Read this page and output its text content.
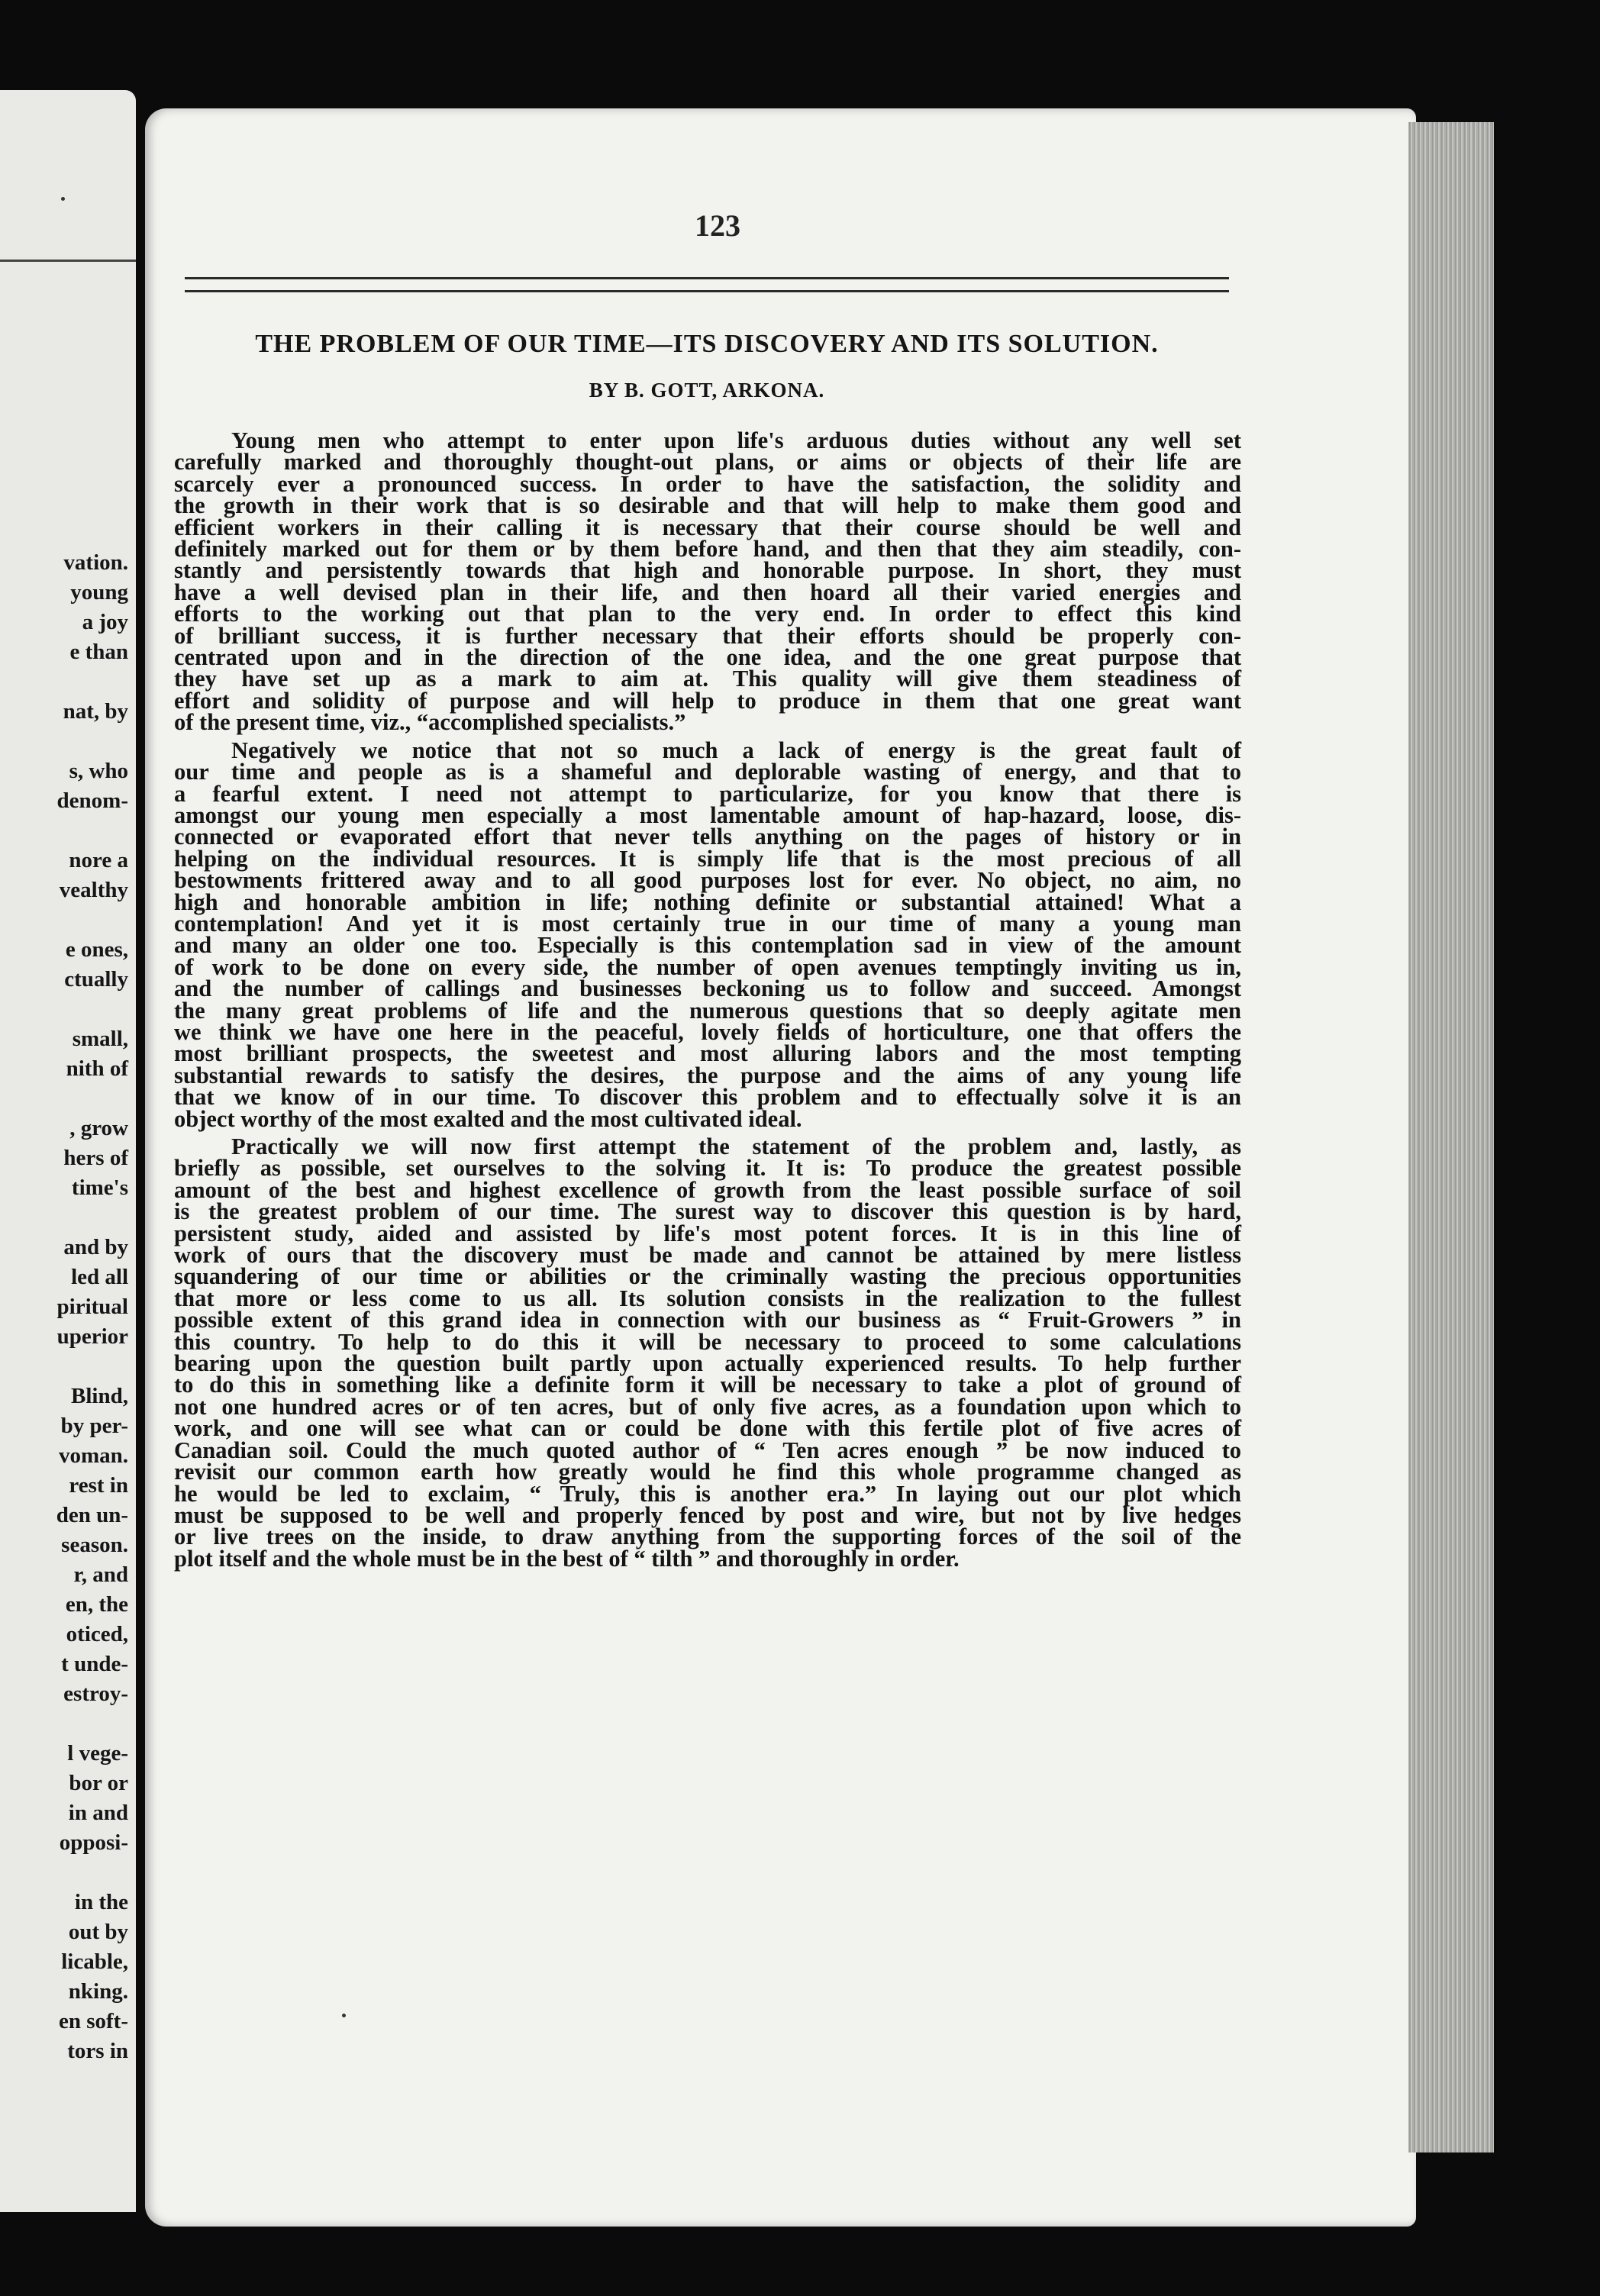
vation.
young
a joy
e than
nat, by
s, who
denom-
nore a
vealthy
e ones,
ctually
small,
nith of
, grow
hers of
time's
and by
led all
piritual
uperior
Blind,
by per-
voman.
rest in
den un-
season.
r, and
en, the
oticed,
t unde-
estroy-
l vege-
bor or
in and
opposi-
in the
out by
licable,
nking.
en soft-
tors in
123
THE PROBLEM OF OUR TIME—ITS DISCOVERY AND ITS SOLUTION.
BY B. GOTT, ARKONA.
Young men who attempt to enter upon life's arduous duties without any well set
carefully marked and thoroughly thought-out plans, or aims or objects of their life are
scarcely ever a pronounced success. In order to have the satisfaction, the solidity and
the growth in their work that is so desirable and that will help to make them good and
efficient workers in their calling it is necessary that their course should be well and
definitely marked out for them or by them before hand, and then that they aim steadily, con-
stantly and persistently towards that high and honorable purpose. In short, they must
have a well devised plan in their life, and then hoard all their varied energies and
efforts to the working out that plan to the very end. In order to effect this kind
of brilliant success, it is further necessary that their efforts should be properly con-
centrated upon and in the direction of the one idea, and the one great purpose that
they have set up as a mark to aim at. This quality will give them steadiness of
effort and solidity of purpose and will help to produce in them that one great want
of the present time, viz., “accomplished specialists.”
Negatively we notice that not so much a lack of energy is the great fault of
our time and people as is a shameful and deplorable wasting of energy, and that to
a fearful extent. I need not attempt to particularize, for you know that there is
amongst our young men especially a most lamentable amount of hap-hazard, loose, dis-
connected or evaporated effort that never tells anything on the pages of history or in
helping on the individual resources. It is simply life that is the most precious of all
bestowments frittered away and to all good purposes lost for ever. No object, no aim, no
high and honorable ambition in life; nothing definite or substantial attained! What a
contemplation! And yet it is most certainly true in our time of many a young man
and many an older one too. Especially is this contemplation sad in view of the amount
of work to be done on every side, the number of open avenues temptingly inviting us in,
and the number of callings and businesses beckoning us to follow and succeed. Amongst
the many great problems of life and the numerous questions that so deeply agitate men
we think we have one here in the peaceful, lovely fields of horticulture, one that offers the
most brilliant prospects, the sweetest and most alluring labors and the most tempting
substantial rewards to satisfy the desires, the purpose and the aims of any young life
that we know of in our time. To discover this problem and to effectually solve it is an
object worthy of the most exalted and the most cultivated ideal.
Practically we will now first attempt the statement of the problem and, lastly, as
briefly as possible, set ourselves to the solving it. It is: To produce the greatest possible
amount of the best and highest excellence of growth from the least possible surface of soil
is the greatest problem of our time. The surest way to discover this question is by hard,
persistent study, aided and assisted by life's most potent forces. It is in this line of
work of ours that the discovery must be made and cannot be attained by mere listless
squandering of our time or abilities or the criminally wasting the precious opportunities
that more or less come to us all. Its solution consists in the realization to the fullest
possible extent of this grand idea in connection with our business as “ Fruit-Growers ” in
this country. To help to do this it will be necessary to proceed to some calculations
bearing upon the question built partly upon actually experienced results. To help further
to do this in something like a definite form it will be necessary to take a plot of ground of
not one hundred acres or of ten acres, but of only five acres, as a foundation upon which to
work, and one will see what can or could be done with this fertile plot of five acres of
Canadian soil. Could the much quoted author of “ Ten acres enough ” be now induced to
revisit our common earth how greatly would he find this whole programme changed as
he would be led to exclaim, “ Truly, this is another era.” In laying out our plot which
must be supposed to be well and properly fenced by post and wire, but not by live hedges
or live trees on the inside, to draw anything from the supporting forces of the soil of the
plot itself and the whole must be in the best of “ tilth ” and thoroughly in order.
